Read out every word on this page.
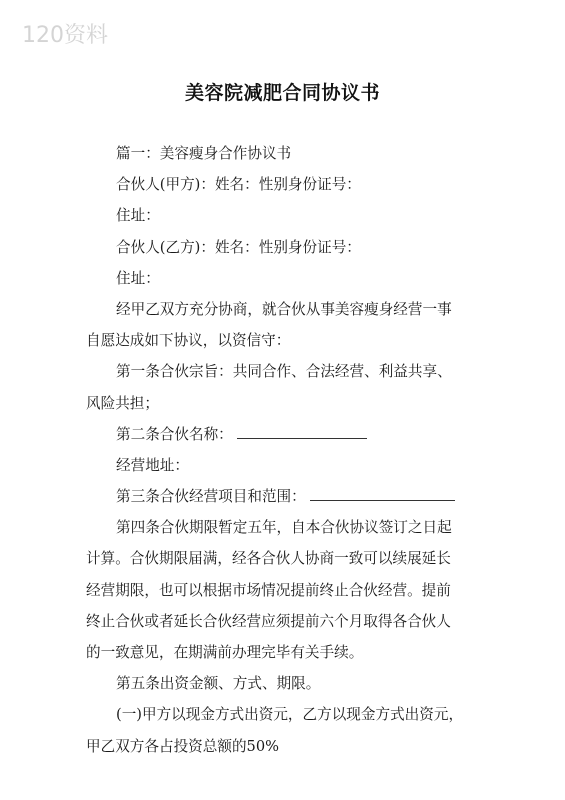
120资料
美容院减肥合同协议书
篇一：美容瘦身合作协议书
合伙人(甲方)：姓名：性别身份证号：
住址：
合伙人(乙方)：姓名：性别身份证号：
住址：
经甲乙双方充分协商，就合伙从事美容瘦身经营一事
自愿达成如下协议，以资信守：
第一条合伙宗旨：共同合作、合法经营、利益共享、
风险共担；
第二条合伙名称：
经营地址：
第三条合伙经营项目和范围：
第四条合伙期限暂定五年，自本合伙协议签订之日起
计算。合伙期限届满，经各合伙人协商一致可以续展延长
经营期限，也可以根据市场情况提前终止合伙经营。提前
终止合伙或者延长合伙经营应须提前六个月取得各合伙人
的一致意见，在期满前办理完毕有关手续。
第五条出资金额、方式、期限。
(一)甲方以现金方式出资元，乙方以现金方式出资元，
甲乙双方各占投资总额的50%
